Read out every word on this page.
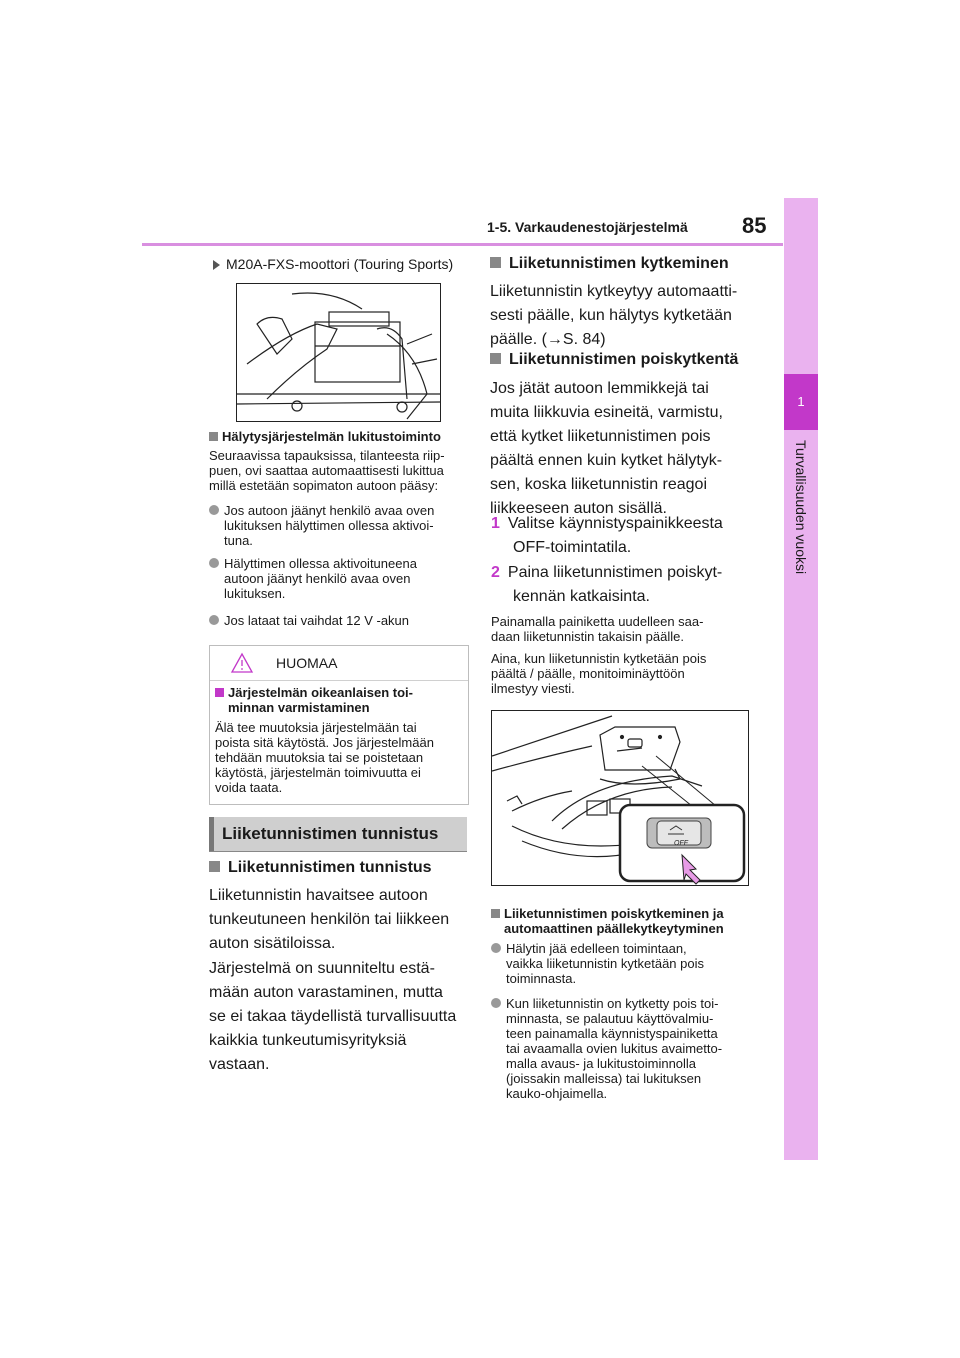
1-5. Varkaudenestojärjestelmä 85
1
Turvallisuuden vuoksi
M20A-FXS-moottori (Touring Sports)
Hälytysjärjestelmän lukitustoiminto
Seuraavissa tapauksissa, tilanteesta riip-
puen, ovi saattaa automaattisesti lukittua
millä estetään sopimaton autoon pääsy:
Jos autoon jäänyt henkilö avaa oven
lukituksen hälyttimen ollessa aktivoi-
tuna.
Hälyttimen ollessa aktivoituneena
autoon jäänyt henkilö avaa oven
lukituksen.
Jos lataat tai vaihdat 12 V -akun
HUOMAA
Järjestelmän oikeanlaisen toi-
minnan varmistaminen
Älä tee muutoksia järjestelmään tai
poista sitä käytöstä. Jos järjestelmään
tehdään muutoksia tai se poistetaan
käytöstä, järjestelmän toimivuutta ei
voida taata.
Liiketunnistimen tunnistus
Liiketunnistimen tunnistus
Liiketunnistin havaitsee autoon
tunkeutuneen henkilön tai liikkeen
auton sisätiloissa.
Järjestelmä on suunniteltu estä-
mään auton varastaminen, mutta
se ei takaa täydellistä turvallisuutta
kaikkia tunkeutumisyrityksiä
vastaan.
Liiketunnistimen kytkeminen
Liiketunnistin kytkeytyy automaatti-
sesti päälle, kun hälytys kytketään
päälle. (→S. 84)
Liiketunnistimen poiskytkentä
Jos jätät autoon lemmikkejä tai
muita liikkuvia esineitä, varmistu,
että kytket liiketunnistimen pois
päältä ennen kuin kytket hälytyk-
sen, koska liiketunnistin reagoi
liikkeeseen auton sisällä.
1 Valitse käynnistyspainikkeesta
OFF-toimintatila.
2 Paina liiketunnistimen poiskyt-
kennän katkaisinta.
Painamalla painiketta uudelleen saa-
daan liiketunnistin takaisin päälle.
Aina, kun liiketunnistin kytketään pois
päältä / päälle, monitoiminäyttöön
ilmestyy viesti.
OFF
Liiketunnistimen poiskytkeminen ja
automaattinen päällekytkeytyminen
Hälytin jää edelleen toimintaan,
vaikka liiketunnistin kytketään pois
toiminnasta.
Kun liiketunnistin on kytketty pois toi-
minnasta, se palautuu käyttövalmiu-
teen painamalla käynnistyspainiketta
tai avaamalla ovien lukitus avaimetto-
malla avaus- ja lukitustoiminnolla
(joissakin malleissa) tai lukituksen
kauko-ohjaimella.
